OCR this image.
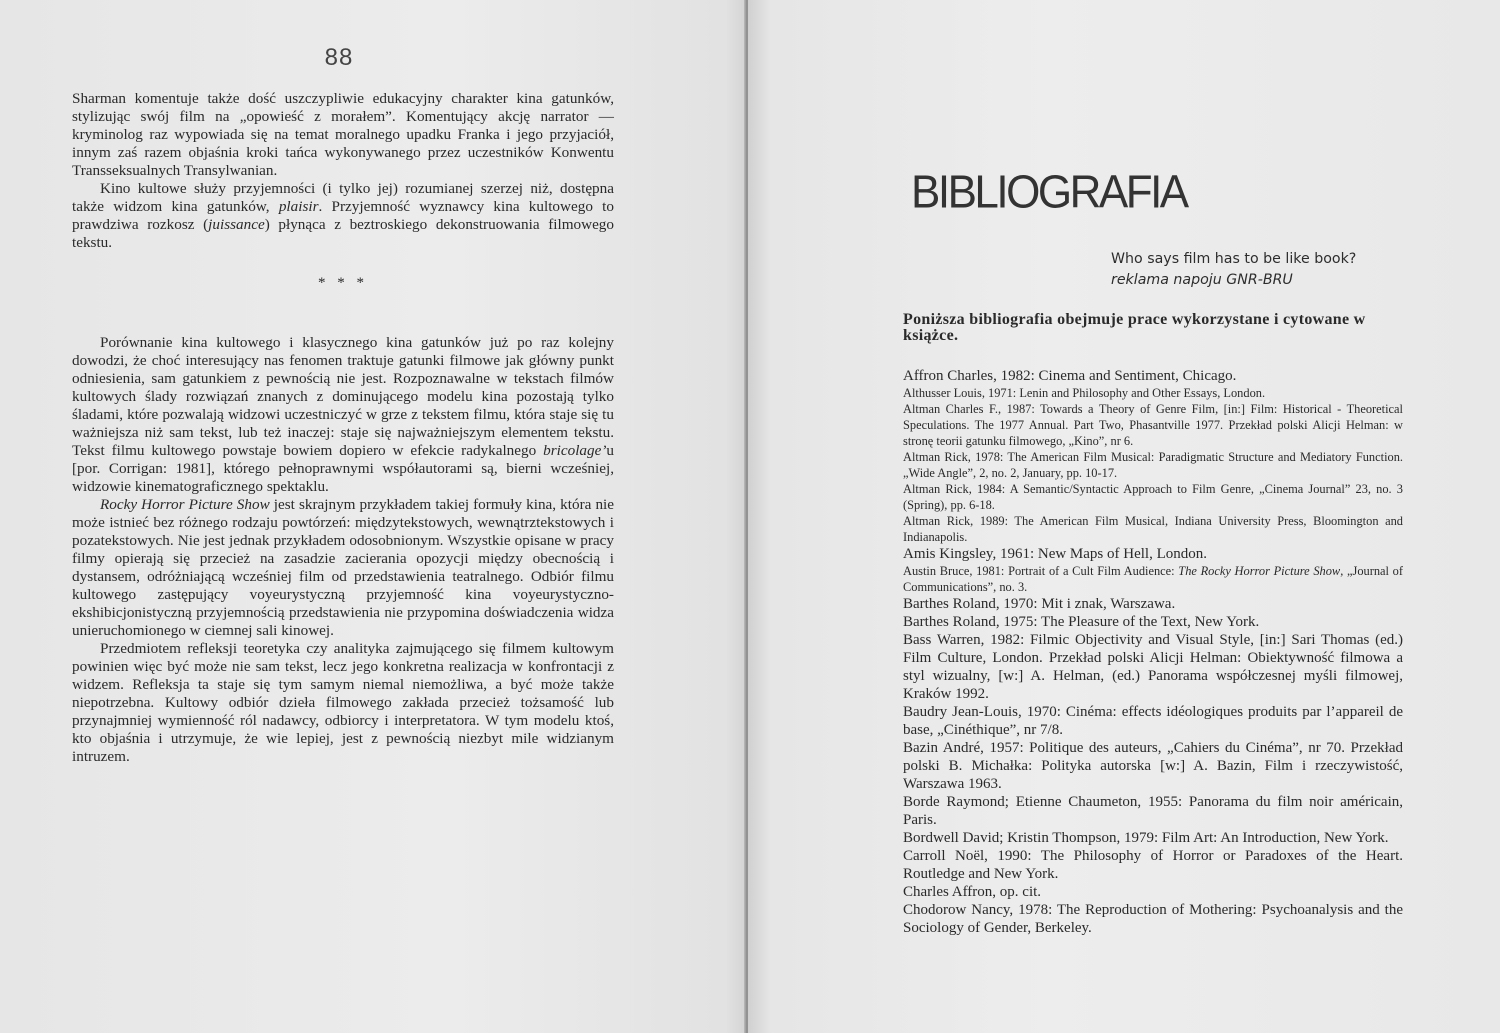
88

Sharman komentuje także dość uszczypliwie edukacyjny charakter kina gatunków, stylizując swój film na „opowieść z morałem”. Komentujący akcję narrator — kryminolog raz wypowiada się na temat moralnego upadku Franka i jego przyjaciół, innym zaś razem objaśnia kroki tańca wykonywanego przez uczestników Konwentu Transseksualnych Transylwanian.

Kino kultowe służy przyjemności (i tylko jej) rozumianej szerzej niż, dostępna także widzom kina gatunków, plaisir. Przyjemność wyznawcy kina kultowego to prawdziwa rozkosz (juissance) płynąca z beztroskiego dekonstruowania filmowego tekstu.

* * *

Porównanie kina kultowego i klasycznego kina gatunków już po raz kolejny dowodzi, że choć interesujący nas fenomen traktuje gatunki filmowe jak główny punkt odniesienia, sam gatunkiem z pewnością nie jest. Rozpoznawalne w tekstach filmów kultowych ślady rozwiązań znanych z dominującego modelu kina pozostają tylko śladami, które pozwalają widzowi uczestniczyć w grze z tekstem filmu, która staje się tu ważniejsza niż sam tekst, lub też inaczej: staje się najważniejszym elementem tekstu. Tekst filmu kultowego powstaje bowiem dopiero w efekcie radykalnego bricolage’u [por. Corrigan: 1981], którego pełnoprawnymi współautorami są, bierni wcześniej, widzowie kinematograficznego spektaklu.

Rocky Horror Picture Show jest skrajnym przykładem takiej formuły kina, która nie może istnieć bez różnego rodzaju powtórzeń: międzytekstowych, wewnątrztekstowych i pozatekstowych. Nie jest jednak przykładem odosobnionym. Wszystkie opisane w pracy filmy opierają się przecież na zasadzie zacierania opozycji między obecnością i dystansem, odróżniającą wcześniej film od przedstawienia teatralnego. Odbiór filmu kultowego zastępujący voyeurystyczną przyjemność kina voyeurystyczno-ekshibicjonistyczną przyjemnością przedstawienia nie przypomina doświadczenia widza unieruchomionego w ciemnej sali kinowej.

Przedmiotem refleksji teoretyka czy analityka zajmującego się filmem kultowym powinien więc być może nie sam tekst, lecz jego konkretna realizacja w konfrontacji z widzem. Refleksja ta staje się tym samym niemal niemożliwa, a być może także niepotrzebna. Kultowy odbiór dzieła filmowego zakłada przecież tożsamość lub przynajmniej wymienność ról nadawcy, odbiorcy i interpretatora. W tym modelu ktoś, kto objaśnia i utrzymuje, że wie lepiej, jest z pewnością niezbyt mile widzianym intruzem.

BIBLIOGRAFIA
Who says film has to be like book?
reklama napoju GNR-BRU
Poniższa bibliografia obejmuje prace wykorzystane i cytowane w książce.
Affron Charles, 1982: Cinema and Sentiment, Chicago.
Althusser Louis, 1971: Lenin and Philosophy and Other Essays, London.
Altman Charles F., 1987: Towards a Theory of Genre Film, [in:] Film: Historical - Theoretical Speculations. The 1977 Annual. Part Two, Phasantville 1977. Przekład polski Alicji Helman: w stronę teorii gatunku filmowego, „Kino”, nr 6.
Altman Rick, 1978: The American Film Musical: Paradigmatic Structure and Mediatory Function. „Wide Angle”, 2, no. 2, January, pp. 10-17.
Altman Rick, 1984: A Semantic/Syntactic Approach to Film Genre, „Cinema Journal” 23, no. 3 (Spring), pp. 6-18.
Altman Rick, 1989: The American Film Musical, Indiana University Press, Bloomington and Indianapolis.
Amis Kingsley, 1961: New Maps of Hell, London.
Austin Bruce, 1981: Portrait of a Cult Film Audience: The Rocky Horror Picture Show, „Journal of Communications”, no. 3.
Barthes Roland, 1970: Mit i znak, Warszawa.
Barthes Roland, 1975: The Pleasure of the Text, New York.
Bass Warren, 1982: Filmic Objectivity and Visual Style, [in:] Sari Thomas (ed.) Film Culture, London. Przekład polski Alicji Helman: Obiektywność filmowa a styl wizualny, [w:] A. Helman, (ed.) Panorama współczesnej myśli filmowej, Kraków 1992.
Baudry Jean-Louis, 1970: Cinéma: effects idéologiques produits par l’appareil de base, „Cinéthique”, nr 7/8.
Bazin André, 1957: Politique des auteurs, „Cahiers du Cinéma”, nr 70. Przekład polski B. Michałka: Polityka autorska [w:] A. Bazin, Film i rzeczywistość, Warszawa 1963.
Borde Raymond; Etienne Chaumeton, 1955: Panorama du film noir américain, Paris.
Bordwell David; Kristin Thompson, 1979: Film Art: An Introduction, New York.
Carroll Noël, 1990: The Philosophy of Horror or Paradoxes of the Heart. Routledge and New York.
Charles Affron, op. cit.
Chodorow Nancy, 1978: The Reproduction of Mothering: Psychoanalysis and the Sociology of Gender, Berkeley.
